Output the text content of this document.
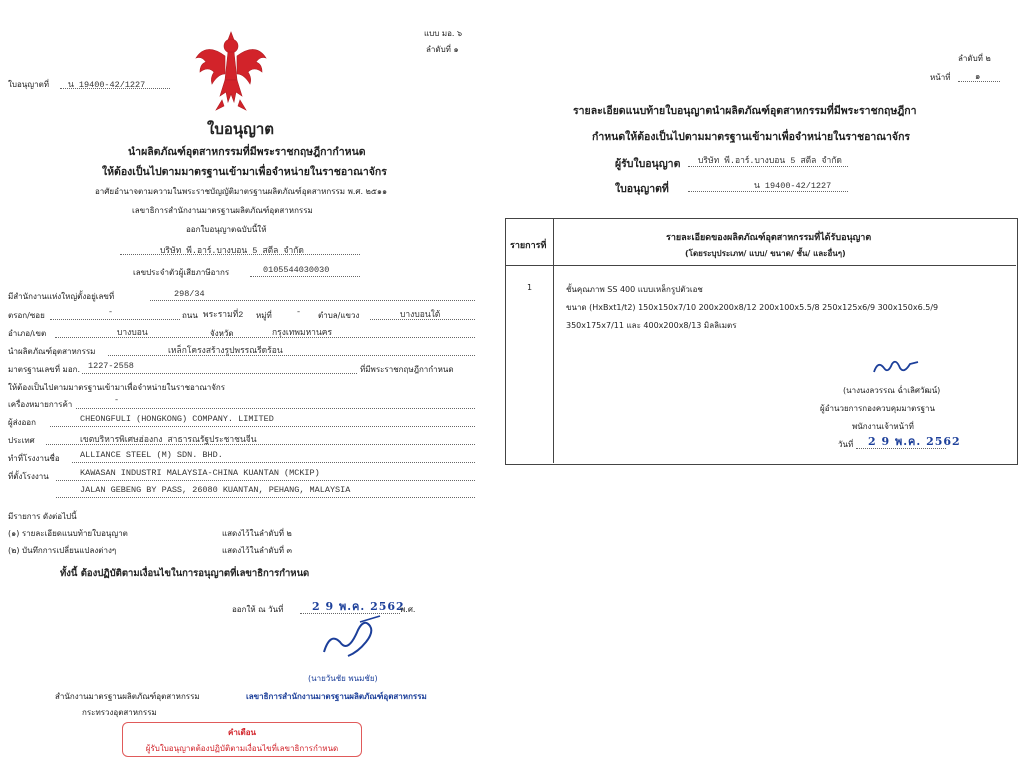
แบบ มอ. ๖
ลำดับที่ ๑
ใบอนุญาตที่ น 19400-42/1227
ใบอนุญาต
นำผลิตภัณฑ์อุตสาหกรรมที่มีพระราชกฤษฎีกากำหนด
ให้ต้องเป็นไปตามมาตรฐานเข้ามาเพื่อจำหน่ายในราชอาณาจักร
อาศัยอำนาจตามความในพระราชบัญญัติมาตรฐานผลิตภัณฑ์อุตสาหกรรม พ.ศ. ๒๕๑๑
เลขาธิการสำนักงานมาตรฐานผลิตภัณฑ์อุตสาหกรรม
ออกใบอนุญาตฉบับนี้ให้
บริษัท พี.อาร์.บางบอน 5 สตีล จำกัด
เลขประจำตัวผู้เสียภาษีอากร	0105544030030
มีสำนักงานแห่งใหญ่ตั้งอยู่เลขที่	298/34
ตรอก/ซอย	-	ถนน พระรามที่2 หมู่ที่	- ตำบล/แขวง	บางบอนใต้
อำเภอ/เขต	บางบอน	จังหวัด	กรุงเทพมหานคร
นำผลิตภัณฑ์อุตสาหกรรม	เหล็กโครงสร้างรูปพรรณรีดร้อน
มาตรฐานเลขที่ มอก. 1227-2558	ที่มีพระราชกฤษฎีกากำหนด
ให้ต้องเป็นไปตามมาตรฐานเข้ามาเพื่อจำหน่ายในราชอาณาจักร
เครื่องหมายการค้า	-
ผู้ส่งออก	CHEONGFULI (HONGKONG) COMPANY. LIMITED
ประเทศ	เขตบริหารพิเศษฮ่องกง สาธารณรัฐประชาชนจีน
ทำที่โรงงานชื่อ ALLIANCE STEEL (M) SDN. BHD.
ที่ตั้งโรงงาน	KAWASAN INDUSTRI MALAYSIA-CHINA KUANTAN (MCKIP)
JALAN GEBENG BY PASS, 26080 KUANTAN, PEHANG, MALAYSIA
มีรายการ ดังต่อไปนี้
(๑) รายละเอียดแนบท้ายใบอนุญาต	แสดงไว้ในลำดับที่ ๒
(๒) บันทึกการเปลี่ยนแปลงต่างๆ	แสดงไว้ในลำดับที่ ๓
ทั้งนี้ ต้องปฏิบัติตามเงื่อนไขในการอนุญาตที่เลขาธิการกำหนด
ออกให้ ณ วันที่	2 9 พ.ค. 2562
พ.ศ.
(นายวันชัย พนมชัย)
เลขาธิการสำนักงานมาตรฐานผลิตภัณฑ์อุตสาหกรรม
สำนักงานมาตรฐานผลิตภัณฑ์อุตสาหกรรม
กระทรวงอุตสาหกรรม
คำเตือน
ผู้รับใบอนุญาตต้องปฏิบัติตามเงื่อนไขที่เลขาธิการกำหนด
ลำดับที่ ๒
หน้าที่	๑
รายละเอียดแนบท้ายใบอนุญาตนำผลิตภัณฑ์อุตสาหกรรมที่มีพระราชกฤษฎีกา
กำหนดให้ต้องเป็นไปตามมาตรฐานเข้ามาเพื่อจำหน่ายในราชอาณาจักร
ผู้รับใบอนุญาต บริษัท พี.อาร์.บางบอน 5 สตีล จำกัด
ใบอนุญาตที่	น 19400-42/1227
รายการที่
รายละเอียดของผลิตภัณฑ์อุตสาหกรรมที่ได้รับอนุญาต
(โดยระบุประเภท/ แบบ/ ขนาด/ ชั้น/ และอื่นๆ)
1	ชั้นคุณภาพ SS 400 แบบเหล็กรูปตัวเอช
ขนาด (HxBxt1/t2) 150x150x7/10 200x200x8/12 200x100x5.5/8 250x125x6/9 300x150x6.5/9
350x175x7/11 และ 400x200x8/13 มิลลิเมตร
(นางนงลวรรณ ฉ่ำเลิศวัฒน์)
ผู้อำนวยการกองควบคุมมาตรฐาน
พนักงานเจ้าหน้าที่
วันที่ 2 9 พ.ค. 2562
